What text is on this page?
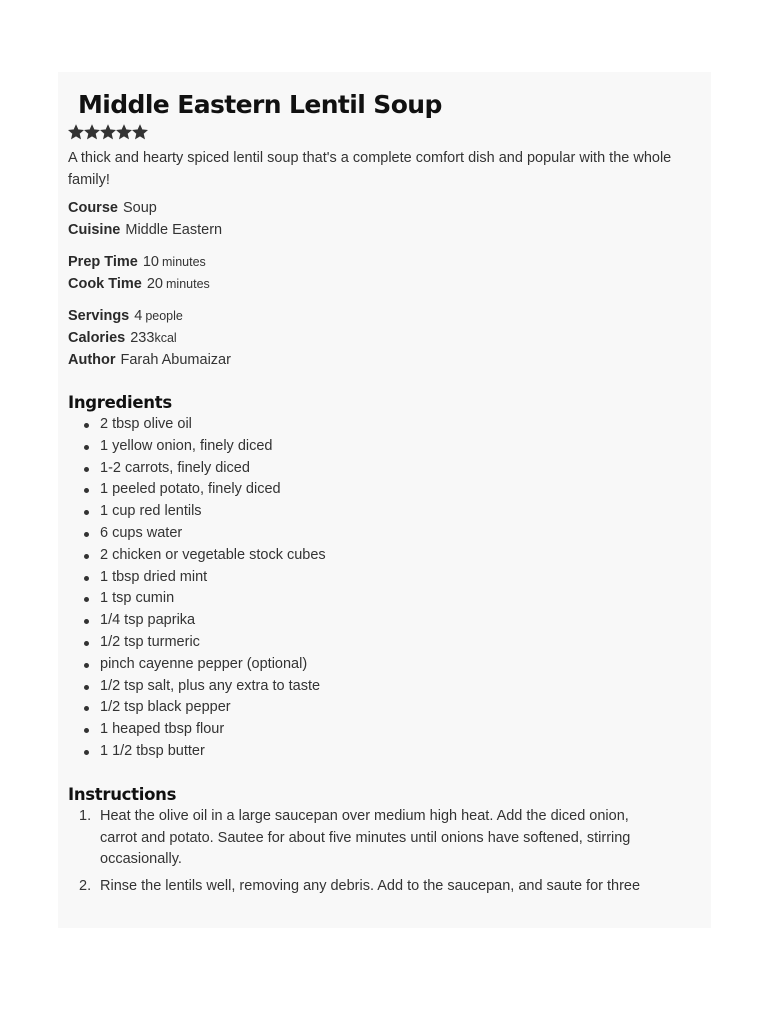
Middle Eastern Lentil Soup
A thick and hearty spiced lentil soup that's a complete comfort dish and popular with the whole family!
Course Soup
Cuisine Middle Eastern
Prep Time 10 minutes
Cook Time 20 minutes
Servings 4 people
Calories 233kcal
Author Farah Abumaizar
Ingredients
2 tbsp olive oil
1 yellow onion, finely diced
1-2 carrots, finely diced
1 peeled potato, finely diced
1 cup red lentils
6 cups water
2 chicken or vegetable stock cubes
1 tbsp dried mint
1 tsp cumin
1/4 tsp paprika
1/2 tsp turmeric
pinch cayenne pepper (optional)
1/2 tsp salt, plus any extra to taste
1/2 tsp black pepper
1 heaped tbsp flour
1 1/2 tbsp butter
Instructions
1. Heat the olive oil in a large saucepan over medium high heat. Add the diced onion, carrot and potato. Sautee for about five minutes until onions have softened, stirring occasionally.
2. Rinse the lentils well, removing any debris. Add to the saucepan, and saute for three
